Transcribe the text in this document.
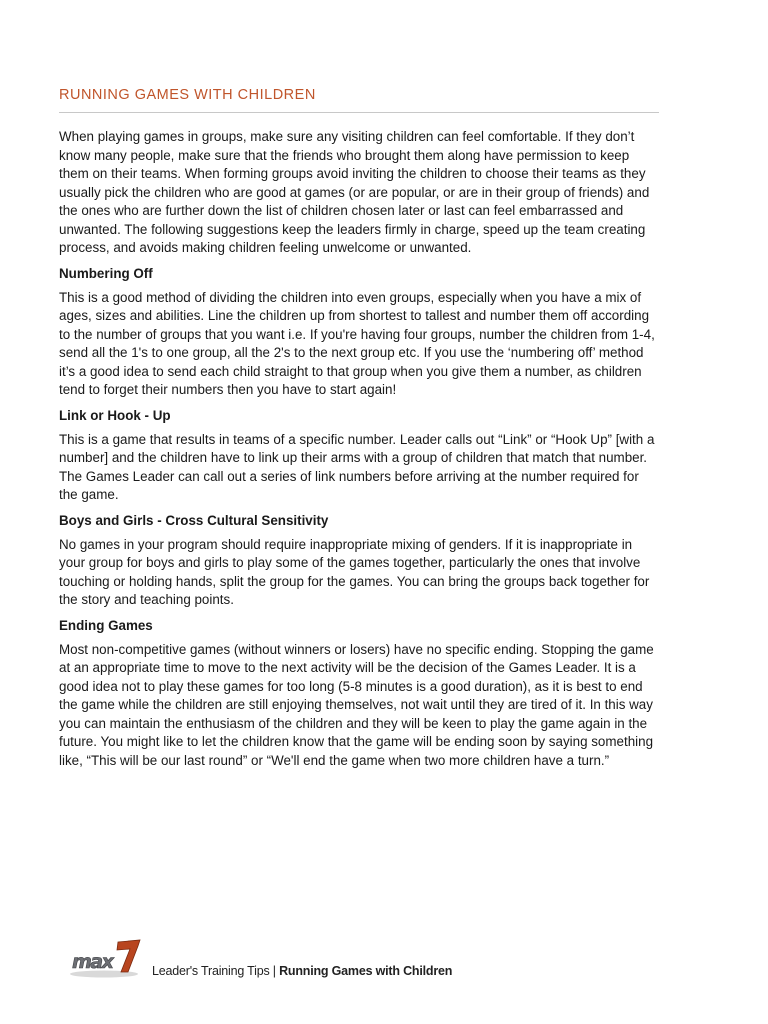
RUNNING GAMES WITH CHILDREN

When playing games in groups, make sure any visiting children can feel comfortable. If they don’t know many people, make sure that the friends who brought them along have permission to keep them on their teams. When forming groups avoid inviting the children to choose their teams as they usually pick the children who are good at games (or are popular, or are in their group of friends) and the ones who are further down the list of children chosen later or last can feel embarrassed and unwanted. The following suggestions keep the leaders firmly in charge, speed up the team creating process, and avoids making children feeling unwelcome or unwanted.

Numbering Off

This is a good method of dividing the children into even groups, especially when you have a mix of ages, sizes and abilities. Line the children up from shortest to tallest and number them off according to the number of groups that you want i.e. If you're having four groups, number the children from 1-4, send all the 1's to one group, all the 2's to the next group etc. If you use the ‘numbering off’ method it’s a good idea to send each child straight to that group when you give them a number, as children tend to forget their numbers then you have to start again!

Link or Hook - Up

This is a game that results in teams of a specific number. Leader calls out “Link” or “Hook Up” [with a number] and the children have to link up their arms with a group of children that match that number. The Games Leader can call out a series of link numbers before arriving at the number required for the game.

Boys and Girls - Cross Cultural Sensitivity

No games in your program should require inappropriate mixing of genders. If it is inappropriate in your group for boys and girls to play some of the games together, particularly the ones that involve touching or holding hands, split the group for the games. You can bring the groups back together for the story and teaching points.

Ending Games

Most non-competitive games (without winners or losers) have no specific ending. Stopping the game at an appropriate time to move to the next activity will be the decision of the Games Leader. It is a good idea not to play these games for too long (5-8 minutes is a good duration), as it is best to end the game while the children are still enjoying themselves, not wait until they are tired of it. In this way you can maintain the enthusiasm of the children and they will be keen to play the game again in the future. You might like to let the children know that the game will be ending soon by saying something like, “This will be our last round” or “We'll end the game when two more children have a turn.”

max	Leader's Training Tips | Running Games with Children
